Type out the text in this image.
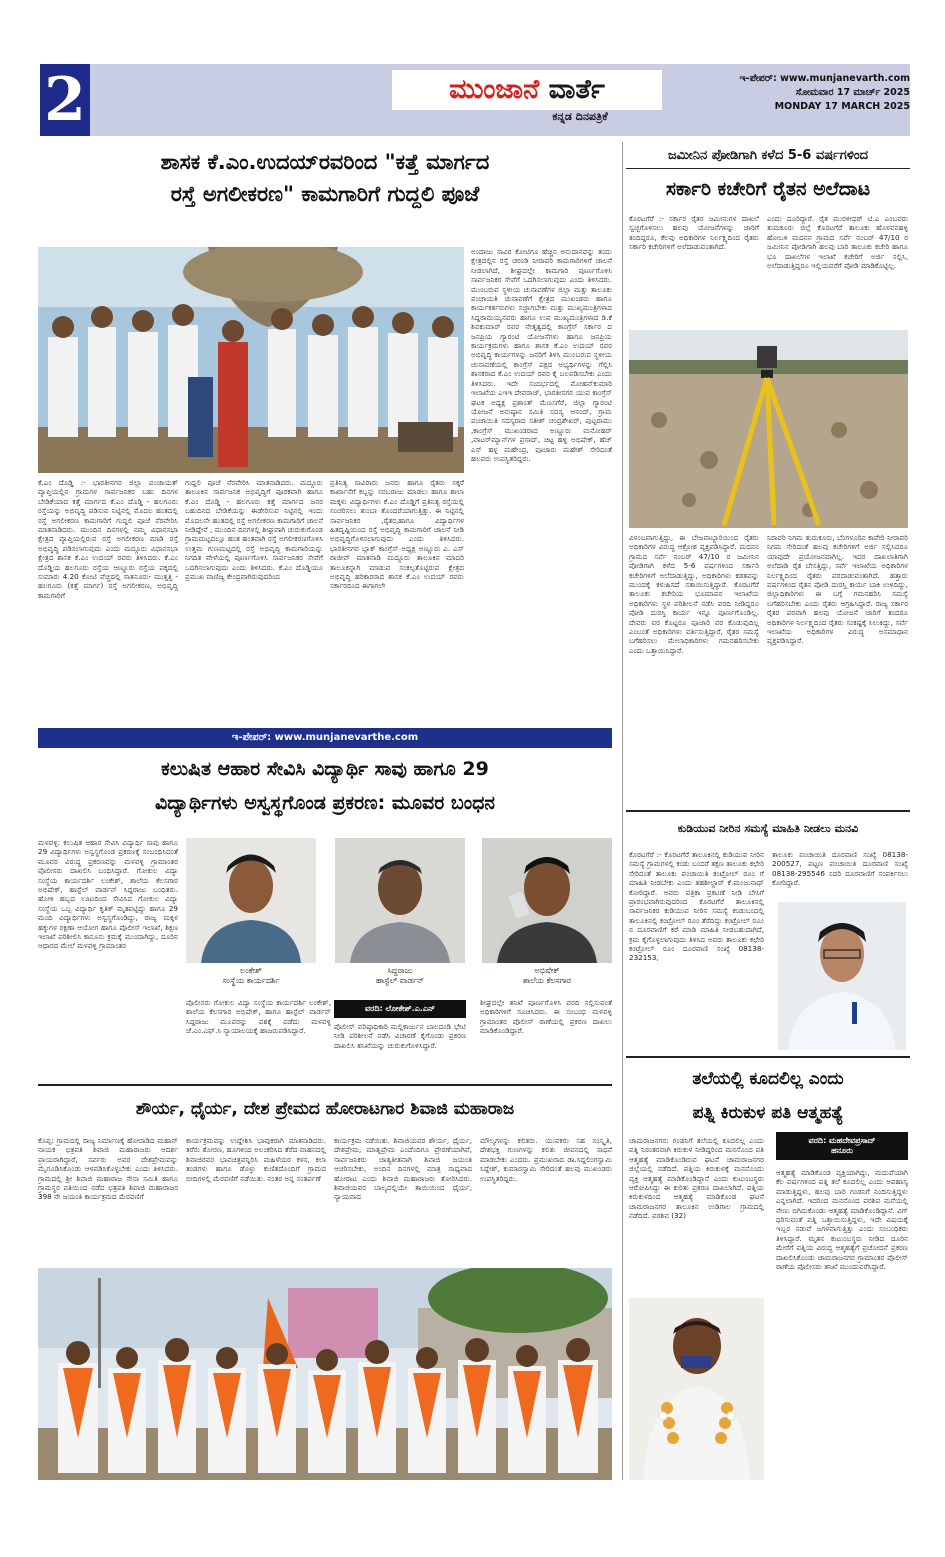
2	ಮುಂಜಾನೆ ವಾರ್ತೆ
ಕನ್ನಡ ದಿನಪತ್ರಿಕೆ
ಇ-ಪೇಪರ್: www.munjanevarth.com
ಸೋಮವಾರ 17 ಮಾರ್ಚ್ 2025
MONDAY 17 MARCH 2025
ಶಾಸಕ ಕೆ.ಎಂ.ಉದಯ್‌ರವರಿಂದ "ಕತ್ತೆ ಮಾರ್ಗದ
ರಸ್ತೆ ಅಗಲೀಕರಣ" ಕಾಮಗಾರಿಗೆ ಗುದ್ದಲಿ ಪೂಜೆ
ಕೆ.ಎಂ ದೊಡ್ಡಿ :- ಭಾರತೀನಗರ ಜಿಲ್ಲಾ ಪಂಚಾಯತ್ ವ್ಯಾಪ್ತಿಯಲ್ಲಿನ ಗ್ರಾಮಗಳ ಸಾರ್ವಜನಿಕರ ಬಹು ದಿನಗಳ ಬೇಡಿಕೆಯಾದ ಕತ್ತೆ ಮಾರ್ಗದ ಕೆ.ಎಂ ದೊಡ್ಡಿ - ಹಲಗೂರು ರಸ್ತೆಯನ್ನು ಅಭಿವೃದ್ಧಿ ಪಡಿಸುವ ನಿಟ್ಟಿನಲ್ಲಿ ಮೊದಲ ಹಂತದಲ್ಲಿ ರಸ್ತೆ ಅಗಲೀಕರಣ ಕಾಮಗಾರಿಗೆ ಗುದ್ದಲಿ ಪೂಜೆ ನೆರವೇರಿಸಿ ಮಾತನಾಡಿದರು. ಮುಂದಿನ ದಿನಗಳಲ್ಲಿ ನಮ್ಮ ವಿಧಾನಸಭಾ ಕ್ಷೇತ್ರದ ವ್ಯಾಪ್ತಿಯಲ್ಲಿರುವ ರಸ್ತೆ ಅಗಲೀಕರಣ ಮಾಡಿ ರಸ್ತೆ ಅಭಿವೃದ್ಧಿ ಪಡಿಸಲಾಗುವುದು ಎಂದು ಮದ್ದೂರು ವಿಧಾನಸಭಾ ಕ್ಷೇತ್ರದ ಶಾಸಕ ಕೆ.ಎಂ ಉದಯ್ ರವರು ತಿಳಿಸಿದರು. ಕೆ.ಎಂ ದೊಡ್ಡಿಯ ಹಲಗೂರು ರಸ್ತೆಯ ಆಣ್ಣೂರು ರಸ್ತೆಯ ಪಕ್ಕದಲ್ಲಿ ಸುಮಾರು 4.20 ಕೋಟಿ ವೆಚ್ಚದಲ್ಲಿ ಸಾತನೂರು- ಮುತ್ತತ್ತಿ - ಹಲಗೂರು (ಕತ್ತೆ ಮಾರ್ಗ) ರಸ್ತೆ ಅಗಲೀಕರಣ, ಅಭಿವೃದ್ಧಿ ಕಾಮಗಾರಿಗೆ
ಗುದ್ದಲಿ ಪೂಜೆ ನೆರವೇರಿಸಿ ಮಾತನಾಡಿದರು. ಮದ್ದೂರು ತಾಲೂಕಿನ ಸಾರ್ವಜನಿಕ ಅಭಿವೃದ್ಧಿಗೆ ಪೂರಕವಾಗಿ ಹಾಗೂ ಕೆ.ಎಂ ದೊಡ್ಡಿ - ಹಲಗೂರು ಕತ್ತೆ ಮಾರ್ಗದ ಜನರ ಬಹುದಿನದ ಬೇಡಿಕೆಯನ್ನು ಈಡೇರಿಸುವ ನಿಟ್ಟಿನಲ್ಲಿ ಇಂದು ಮೊದಲನೇ ಹಂತದಲ್ಲಿ ರಸ್ತೆ ಅಗಲೀಕರಣ ಕಾಮಗಾರಿಗೆ ಚಾಲನೆ ನೀಡಿದ್ದೇನೆ , ಮುಂದಿನ ದಿನಗಳಲ್ಲಿ ಶೀಘ್ರವಾಗಿ ಚುರುಕುಗೊಂಡ ಗ್ರಾಮಮಟ್ಟದಲ್ಲೂ ಹಂತ ಹಂತವಾಗಿ ರಸ್ತೆ ಅಗಲೀಕರಣಗೊಳಿಸಿ ಉತ್ತಮ ಗುಣಮಟ್ಟದಲ್ಲಿ ರಸ್ತೆ ಅಭಿವೃದ್ಧಿ ಕಾಮಗಾರಿಯನ್ನು ನಿಗದಿತ ವೇಳೆಯಲ್ಲಿ ಪೂರ್ಣಗೊಳಿಸಿ ಸಾರ್ವಜನಿಕರ ಸೇವೆಗೆ ಒದಗಿಸಲಾಗುವುದು ಎಂದು ತಿಳಿಸಿದರು. ಕೆ.ಎಂ ದೊಡ್ಡಿಯೂ ಪ್ರಮುಖ ವಾಣಿಜ್ಯ ಕೇಂದ್ರವಾಗಿರುವುದರಿಂದ
ಪ್ರತಿನಿತ್ಯ ಸಾವಿರಾರು ಜನರು ಹಾಗೂ ರೈತರು ಸಕ್ಕರೆ ಕಾರ್ಖಾನೆಗೆ ಕಬ್ಬನ್ನು ಸರಬರಾಜು ಮಾಡಲು ಹಾಗೂ ಶಾಲಾ ಮಕ್ಕಳು ವಿದ್ಯಾರ್ಥಿಗಳು ಕೆ.ಎಂ ದೊಡ್ಡಿಗೆ ಪ್ರತಿನಿತ್ಯ ರಸ್ತೆಯಲ್ಲಿ ಸಂಚರಿಸಲು ತುಂಬಾ ತೊಂದರೆಯಾಗುತ್ತಿತ್ತು. ಈ ನಿಟ್ಟಿನಲ್ಲಿ ಸಾರ್ವಜನಿಕರ ,ರೈತರ,ಹಾಗೂ ವಿದ್ಯಾರ್ಥಿಗಳ ಹಿತದೃಷ್ಟಿಯಿಂದ ರಸ್ತೆ ಅಭಿವೃದ್ಧಿ ಕಾಮಗಾರಿಗೆ ಚಾಲನೆ ನೀಡಿ ಅಭಿವೃದ್ಧಿಗೊಳಿಸಲಾಗುವುದು ಎಂದು ತಿಳಿಸಿದರು. ಭಾರತೀನಗರ ಬ್ಲಾಕ್ ಕಾಂಗ್ರೆಸ್ ಅಧ್ಯಕ್ಷ ಅಣ್ಣೂರು ಎ. ಎಸ್ ರಾಜೀವ್ ಮಾತನಾಡಿ ಮದ್ದೂರು ತಾಲೂಕಿನ ಮಾದರಿ ತಾಲೂಕನ್ನಾಗಿ ಮಾಡುವ ಸಂಕಲ್ಪತೊಟ್ಟಿರುವ ಕ್ಷೇತ್ರದ ಅಭಿವೃದ್ಧಿ ಹರಿಕಾರರಾದ ಶಾಸಕ ಕೆ.ಎಂ ಉದಯ್ ರವರು ಸರ್ಕಾರದಿಂದ ಈಗಾಗಲೇ
ಅಂದಾಜು ಸಾವಿರ ಕೋಟಿಗೂ ಹೆಚ್ಚಿನ ಅನುದಾನವನ್ನು ತಂದು ಕ್ಷೇತ್ರದಲ್ಲಿನ ರಸ್ತೆ ಚರಂಡಿ ನೀರಾವರಿ ಕಾಮಗಾರಿಗಳಿಗೆ ಚಾಲನೆ ನೀಡಲಾಗಿದೆ, ಶೀಘ್ರದಲ್ಲೇ ಕಾಮಗಾರಿ ಪೂರ್ಣಗೊಳಿಸಿ ಸಾರ್ವಜನಿಕರ ಸೇವೆಗೆ ಒದಗಿಸಲಾಗುವುದು ಎಂದು ತಿಳಿಸಿದರು. ಮುಂಬರುವ ಸ್ಥಳೀಯ ಚುನಾವಣೆಗಳ ಜಿಲ್ಲಾ ಮತ್ತು ತಾಲೂಕು ಪಂಚಾಯತಿ ಚುನಾವಣೆಗೆ ಕ್ಷೇತ್ರದ ಮುಖಂಡರು ಹಾಗೂ ಕಾರ್ಯಕರ್ತರುಗಳು ಸಜ್ಜಾಗಬೇಕು ಮತ್ತು ಮುಖ್ಯಮಂತ್ರಿಗಳಾದ ಸಿದ್ದರಾಮಯ್ಯನವರು ಹಾಗೂ ಉಪ ಮುಖ್ಯಮಂತ್ರಿಗಳಾದ ಡಿ.ಕೆ ಶಿವಕುಮಾರ್ ರವರ ನೇತೃತ್ವದಲ್ಲಿ ಕಾಂಗ್ರೆಸ್ ಸರ್ಕಾರ ದ ಜನಪ್ರಿಯ ಗ್ಯಾರಂಟಿ ಯೋಜನೆಗಳು ಹಾಗೂ ಜನಪ್ರಿಯ ಕಾರ್ಯಕ್ರಮಗಳು ಹಾಗೂ ಶಾಸಕ ಕೆ.ಎಂ ಉದಯ್ ರವರ ಅಭಿವೃದ್ಧಿ ಕಾರ್ಯಗಳನ್ನು ಜನರಿಗೆ ತಿಳಿಸಿ ಮುಂಬರುವ ಸ್ಥಳೀಯ ಚುನಾವಣೆಯಲ್ಲಿ ಕಾಂಗ್ರೆಸ್ ಪಕ್ಷದ ಅಭ್ಯರ್ಥಿಗಳನ್ನು ಗೆಲ್ಲಿಸಿ ಶಾಸಕರಾದ ಕೆ.ಎಂ ಉದಯ್ ರವರ ಕೈ ಬಲಪಡಿಸಬೇಕು ಎಂದು ತಿಳಿಸಿದರು. ಇದೇ ಸಂದರ್ಭದಲ್ಲಿ ಮೋಹನ್‌ಕುಮಾರಿ ಇಲಾಖೆಯ ಎಇಇ ದೇವರಾಜ್, ಭಾರತೀನಗರ ಯುವ ಕಾಂಗ್ರೆಸ್ ಘಟಕ ಅಧ್ಯಕ್ಷ ಪ್ರಶಾಂತ್ ಮೆಣಸಗೆರೆ, ಜಿಲ್ಲಾ ಗ್ಯಾರಂಟಿ ಯೋಜನೆ ಅನುಷ್ಠಾನ ಸಮಿತಿ ಸದಸ್ಯ ಆನಂದ್, ಗ್ರಾಮ ಪಂಚಾಯಿತಿ ಸದಸ್ಯರಾದ ಸತೀಶ್ ಚಂದ್ರಶೇಖರ್, ಪುಟ್ಟರಾಮು ,ಕಾಂಗ್ರೆಸ್ ಮುಖಂಡರಾದ ಅಣ್ಣೂರು ಮನೋಹರ್ ,ವಾಟರ್‌ಮ್ಯಾನ್‌ಗಳ ಪ್ರಸಾದ್, ಚಿಟ್ಟ ಹಳ್ಳಿ ಅಭಿಷೇಕ್, ಹೆಚ್ ಎಸ್ ಹಳ್ಳ ಮಹೇಂದ್ರ, ಪೂಜಾರು ಮಹೇಶ್ ಸೇರಿದಂತೆ ಹಲವರು ಉಪಸ್ಥಿತರಿದ್ದರು.
ಇ-ಪೇಪರ್: www.munjanevarthe.com
ಕಲುಷಿತ ಆಹಾರ ಸೇವಿಸಿ ವಿದ್ಯಾರ್ಥಿ ಸಾವು ಹಾಗೂ 29
ವಿದ್ಯಾರ್ಥಿಗಳು ಅಸ್ವಸ್ಥಗೊಂಡ ಪ್ರಕರಣ: ಮೂವರ ಬಂಧನ
ಮಳವಳ್ಳಿ: ಕಲುಷಿತ ಆಹಾರ ಸೇವಿಸಿ ವಿದ್ಯಾರ್ಥಿ ಸಾವು ಹಾಗೂ 29 ವಿದ್ಯಾರ್ಥಿಗಳು ಅಸ್ವಸ್ಥಗೊಂಡ ಪ್ರಕರಣಕ್ಕೆ ಸಂಬಂಧಿಸಿದಂತೆ ಮೂವರ ವಿರುದ್ಧ ಪ್ರಕರಣವನ್ನು ಮಳವಳ್ಳಿ ಗ್ರಾಮಾಂತರ ಪೊಲೀಸರು ದಾಖಲಿಸಿ ಬಂಧಿಸಿದ್ದಾರೆ. ಗೋಕುಲ ವಿದ್ಯಾ ಸಂಸ್ಥೆಯ ಕಾರ್ಯದರ್ಶಿ ಲಂಕೇಶ್, ಶಾಲೆಯ ಕೆಲಸಗಾರ ಅಭಿಷೇಕ್, ಹಾಸ್ಟೆಲ್ ವಾರ್ಡನ್ ಸಿದ್ದರಾಜು ಬಂಧಿತರು. ಹೋಳಿ ಹಬ್ಬದ ಊಟದಿಂದ ಸೇವಿಸಿದ ಗೋಕುಲ ವಿದ್ಯಾ ಸಂಸ್ಥೆಯ ಒಬ್ಬ ವಿದ್ಯಾರ್ಥಿ ಕೃತಿಕ್ ಮೃತಪಟ್ಟಿದ್ದು ಹಾಗೂ 29 ಮಂದಿ ವಿದ್ಯಾರ್ಥಿಗಳು ಅಸ್ವಸ್ಥಗೊಂಡಿದ್ದು, ರಾಜ್ಯ ಮಕ್ಕಳ ಹಕ್ಕುಗಳ ರಕ್ಷಣಾ ಆಯೋಗ ಹಾಗೂ ಪೊಲೀಸ್ ಇಲಾಖೆ, ಶಿಕ್ಷಣ ಇಲಾಖೆ ಪರಿಶೀಲಿಸಿ ಕಾನೂನು ಕ್ರಮಕ್ಕೆ ಮುಂದಾಗಿದ್ದು, ದೂರಿನ ಆಧಾರದ ಮೇಲೆ ಮಳವಳ್ಳಿ ಗ್ರಾಮಾಂತರ
ಲಂಕೇಶ್
ಸಂಸ್ಥೆಯ ಕಾರ್ಯದರ್ಶಿ
ಸಿದ್ದರಾಜು
ಹಾಸ್ಟೆಲ್ ವಾರ್ಡನ್
ಅಭಿಷೇಕ್
ಶಾಲೆಯ ಕೆಲಸಗಾರ
ಪೊಲೀಸರು ಗೋಕುಲ ವಿದ್ಯಾ ಸಂಸ್ಥೆಯ ಕಾರ್ಯದರ್ಶಿ ಲಂಕೇಶ್, ಶಾಲೆಯ ಕೆಲಸಗಾರ ಅಭಿಷೇಕ್, ಹಾಗೂ ಹಾಸ್ಟೆಲ್ ವಾರ್ಡನ್ ಸಿದ್ದರಾಜು ಮೂವರನ್ನು ವಶಕ್ಕೆ ಪಡೆದು ಮಳವಳ್ಳಿ ಜೆ.ಎಂ.ಎಫ್.ಸಿ ನ್ಯಾಯಾಲಯಕ್ಕೆ ಹಾಜರುಪಡಿಸಿದ್ದಾರೆ.
ವರದಿ: ಲೋಕೇಶ್.ಎ.ಎನ್
ಪೊಲೀಸ್ ವರಿಷ್ಠಾಧಿಕಾರಿ ಮಲ್ಲಿಕಾರ್ಜುನ ಬಾಲದಂಡಿ ಭೇಟಿ ನೀಡಿ ಪರಿಶೀಲನೆ ನಡೆಸಿ ವಿಚಾರಣೆ ಕೈಗೊಂಡು ಪ್ರಕರಣ ದಾಖಲಿಸಿ ತನಿಖೆಯನ್ನು ಚುರುಕುಗೊಳಿಸಿದ್ದಾರೆ.
ಶೀಘ್ರದಲ್ಲೇ ತನಿಖೆ ಪೂರ್ಣಗೊಳಿಸಿ ವರದಿ ಸಲ್ಲಿಸುವಂತೆ ಅಧಿಕಾರಿಗಳಿಗೆ ಸೂಚಿಸಿದರು. ಈ ಸಂಬಂಧ ಮಳವಳ್ಳಿ ಗ್ರಾಮಾಂತರ ಪೊಲೀಸ್ ಠಾಣೆಯಲ್ಲಿ ಪ್ರಕರಣ ದಾಖಲು ಮಾಡಿಕೊಂಡಿದ್ದಾರೆ.
ಶೌರ್ಯ, ಧೈರ್ಯ, ದೇಶ ಪ್ರೇಮದ ಹೋರಾಟಗಾರ ಶಿವಾಜಿ ಮಹಾರಾಜ
ಕೊಪ್ಪ: ಗ್ರಾಮದಲ್ಲಿ ರಾಜ್ಯ ನಿರ್ಮಾಣಕ್ಕೆ ಹೋರಾಡಿದ ಮಹಾನ್ ನಾಯಕ ಛತ್ರಪತಿ ಶಿವಾಜಿ ಮಹಾರಾಜರು ಆದರ್ಶ ಪ್ರಾಯರಾಗಿದ್ದಾರೆ, ಸರ್ವರು ಅವರ ದೇಶಪ್ರೇಮವನ್ನು ಮೈಗೂಡಿಸಿಕೊಂಡು ಆಳವಡಿಸಿಕೊಳ್ಳಬೇಕು ಎಂದು ತಿಳಿಸಿದರು. ಗ್ರಾಮದಲ್ಲಿ ಶ್ರೀ ಶಿವಾಜಿ ಮಹಾರಾಜ ಸೇನಾ ಸಮಿತಿ ಹಾಗೂ ಗ್ರಾಮಸ್ಥರ ವತಿಯಿಂದ ನಡೆದ ಛತ್ರಪತಿ ಶಿವಾಜಿ ಮಹಾರಾಜರ 398 ನೇ ಜಯಂತಿ ಕಾರ್ಯಕ್ರಮದ ಮೆರವಣಿಗೆ
ಕಾರ್ಯಕ್ರಮವನ್ನು ಉದ್ದೇಶಿಸಿ ಭಾವುಕರಾಗಿ ಮಾತನಾಡಿದರು. ತರೆರು ತೋರಣ, ಹೂಗಳಿಂದ ಅಲಂಕರಿಸಿದ ತೆರೆದ ವಾಹನದಲ್ಲಿ ಶಿವಾಜಿರವರ ಭಾವಚಿತ್ರವನ್ನಿರಿಸಿ ಮಹಿಳೆಯರ ಕಳಸ, ಕಲಾ ತಂಡಗಳು ಹಾಗೂ ಡೊಳ್ಳು ಕುಣಿತದೊಂದಿಗೆ ಗ್ರಾಮದ ಬೀದಿಗಳಲ್ಲಿ ಮೆರವಣಿಗೆ ನಡೆಯಿತು. ನಂತರ ಅನ್ನ ಸಂತರ್ಪಣೆ
ಕಾರ್ಯಕ್ರಮ ನಡೆಯಿತು. ಶಿವಾಜಿಯವರ ಶೌರ್ಯ, ಧೈರ್ಯ, ದೇಶಪ್ರೇಮ, ಮಾತೃಪ್ರೇಮ ಎಂದೆಂದಿಗೂ ಪ್ರೇರಣೆಯಾಗಿವೆ, ಸಾರ್ವಜನಿಕರು ಜಾತ್ಯತೀತವಾಗಿ ಶಿವಾಜಿ ಜಯಂತಿ ಆಚರಿಸಬೇಕು, ಅಂದಿನ ದಿನಗಳಲ್ಲಿ ಮಾತ್ರ ಸಾಧ್ಯವಾದ ಹೋರಾಟ ಎಂದು ಶಿವಾಜಿ ಮಹಾರಾಜರು ತೋರಿಸಿದರು. ಶಿವಾಜಿಯವರ ಬಾಲ್ಯದಲ್ಲಿಯೇ ತಾಯಿಯಿಂದ ಧೈರ್ಯ, ನ್ಯಾಯವಾದ
ಮೌಲ್ಯಗಳನ್ನು ಕಲಿತರು. ಯುವಕರು ಸಹ ಸಂಸ್ಕೃತಿ, ದೇಶಭಕ್ತಿ ಗುಣಗಳನ್ನು ಕಲಿತು ಜೀವನದಲ್ಲಿ ಸಾಧನೆ ಮಾಡಬೇಕು ಎಂದರು. ಪ್ರಮುಖರಾದ ಡಾ.ಸಿದ್ದಲಿಂಗಸ್ವಾಮಿ ಸಿದ್ದೇಶ್, ಕುಮಾರಸ್ವಾಮಿ ಸೇರಿದಂತೆ ಹಲವು ಮುಖಂಡರು ಉಪಸ್ಥಿತರಿದ್ದರು.
ಜಮೀನಿನ ಪೋಡಿಗಾಗಿ ಕಳೆದ 5-6 ವರ್ಷಗಳಿಂದ
ಸರ್ಕಾರಿ ಕಚೇರಿಗೆ ರೈತನ ಅಲೆದಾಟ
ಕೊರಟಗೆರೆ :- ಸರ್ಕಾರ ರೈತರ ಜಮೀನುಗಳ ದಾಖಲೆ ಸ್ವಚ್ಛಗೊಳಿಸಲು ಹಲವು ಯೋಜನೆಗಳನ್ನು ಜಾರಿಗೆ ತಂದಿದ್ದರೂ, ಕೆಲವು ಅಧಿಕಾರಿಗಳ ನಿರ್ಲಕ್ಷ್ಯದಿಂದ ರೈತರು ಸರ್ಕಾರಿ ಕಚೇರಿಗಳಿಗೆ ಅಲೆದಾಡುವಂತಾಗಿದೆ.
ಎಂದು ದೂರಿದ್ದಾರೆ. ರೈತ ಮುರಳೀಧರ್ ಟಿ.ಎ ಎಂಬವರು ತುಮಕೂರು ಜಿಲ್ಲೆ ಕೊರಟಗೆರೆ ತಾಲೂಕು ಹೊಳವನಹಳ್ಳಿ ಹೋಬಳಿ ಮದನನ ಗ್ರಾಮದ ಸರ್ವೆ ನಂಬರ್ 47/10 ರ ಜಮೀನಿನ ಪೋಡಿಗಾಗಿ ಹಲವು ಬಾರಿ ತಾಲೂಕು ಕಚೇರಿ ಹಾಗೂ ಭೂ ದಾಖಲೆಗಳ ಇಲಾಖೆ ಕಚೇರಿಗೆ ಅರ್ಜಿ ಸಲ್ಲಿಸಿ, ಅಲೆದಾಡುತ್ತಿದ್ದರೂ ಇಲ್ಲಿಯವರೆಗೆ ಪೋಡಿ ಮಾಡಿಕೊಟ್ಟಿಲ್ಲ.
ವಿಳಂಬವಾಗುತ್ತಿದ್ದು, ಈ ಬೇಜವಾಬ್ದಾರಿಯಿಂದ ರೈತರು ಅಧಿಕಾರಿಗಳ ವಿರುದ್ಧ ಆಕ್ರೋಶ ವ್ಯಕ್ತಪಡಿಸಿದ್ದಾರೆ. ಮದನನ ಗ್ರಾಮದ ಸರ್ವೆ ನಂಬರ್ 47/10 ರ ಜಮೀನಿನ ಪೋಡಿಗಾಗಿ ಕಳೆದ 5-6 ವರ್ಷಗಳಿಂದ ಸರ್ಕಾರಿ ಕಚೇರಿಗಳಿಗೆ ಅಲೆದಾಡುತ್ತಿದ್ದು, ಅಧಿಕಾರಿಗಳು ಕಡತವನ್ನು ಮುಂದಕ್ಕೆ ಕಳುಹಿಸದೆ ಸತಾಯಿಸುತ್ತಿದ್ದಾರೆ. ಕೊರಟಗೆರೆ ತಾಲೂಕು ಕಚೇರಿಯ ಭೂಮಾಪನ ಇಲಾಖೆಯ ಅಧಿಕಾರಿಗಳು ಸ್ಥಳ ಪರಿಶೀಲನೆ ನಡೆಸಿ ವರದಿ ನೀಡಿದ್ದರೂ ಪೋಡಿ ದುರಸ್ತಿ ಕಾರ್ಯ ಇನ್ನೂ ಪೂರ್ಣಗೊಂಡಿಲ್ಲ. ದೇವರು ವರ ಕೊಟ್ಟರೂ ಪೂಜಾರಿ ವರ ಕೊಡುವುದಿಲ್ಲ ಎಂಬಂತೆ ಅಧಿಕಾರಿಗಳು ವರ್ತಿಸುತ್ತಿದ್ದಾರೆ, ರೈತರ ಸಮಸ್ಯೆ ಬಗೆಹರಿಸಲು ಮೇಲಾಧಿಕಾರಿಗಳು ಗಮನಹರಿಸಬೇಕು ಎಂದು ಒತ್ತಾಯಿಸಿದ್ದಾರೆ.
ನಿರಾವರಿ ನಿಗಮ ತುಮಕೂರು, ಬೆಂಗಳೂರಿನ ಕಾವೇರಿ ನೀರಾವರಿ ನಿಗಮ ಸೇರಿದಂತೆ ಹಲವು ಕಚೇರಿಗಳಿಗೆ ಅರ್ಜಿ ಸಲ್ಲಿಸಿದರೂ ಯಾವುದೇ ಪ್ರಯೋಜನವಾಗಿಲ್ಲ. ಇದರ ದಾಖಲಾತಿಗಾಗಿ ಅಲೆದಾಡಿ ರೈತ ಬೇಸತ್ತಿದ್ದು, ಸರ್ವೆ ಇಲಾಖೆಯ ಅಧಿಕಾರಿಗಳ ನಿರ್ಲಕ್ಷ್ಯದಿಂದ ರೈತರು ಪರದಾಡುವಂತಾಗಿದೆ. ಹತ್ತಾರು ವರ್ಷಗಳಿಂದ ರೈತನ ಪೋಡಿ ದುರಸ್ತಿ ಕಾರ್ಯ ಬಾಕಿ ಉಳಿದಿದ್ದು, ಜಿಲ್ಲಾಧಿಕಾರಿಗಳು ಈ ಬಗ್ಗೆ ಗಮನಹರಿಸಿ ಸಮಸ್ಯೆ ಬಗೆಹರಿಸಬೇಕು ಎಂದು ರೈತರು ಆಗ್ರಹಿಸಿದ್ದಾರೆ. ರಾಜ್ಯ ಸರ್ಕಾರ ರೈತರ ಪರವಾಗಿ ಹಲವು ಯೋಜನೆ ಜಾರಿಗೆ ತಂದರೂ ಅಧಿಕಾರಿಗಳ ನಿರ್ಲಕ್ಷ್ಯದಿಂದ ರೈತರು ಸಂಕಷ್ಟಕ್ಕೆ ಸಿಲುಕಿದ್ದು, ಸರ್ವೆ ಇಲಾಖೆಯ ಅಧಿಕಾರಿಗಳ ವಿರುದ್ಧ ಅಸಮಾಧಾನ ವ್ಯಕ್ತಪಡಿಸಿದ್ದಾರೆ.
ಕುಡಿಯುವ ನೀರಿನ ಸಮಸ್ಯೆ ಮಾಹಿತಿ ನೀಡಲು ಮನವಿ
ಕೊರಟಗೆರೆ :- ಕೊರಟಗೆರೆ ತಾಲೂಕಿನಲ್ಲಿ ಕುಡಿಯುವ ನೀರಿನ ಸಮಸ್ಯೆ ಗ್ರಾಮಗಳಲ್ಲಿ ಕಂಡು ಬಂದರೆ ತಕ್ಷಣ ತಾಲೂಕು ಕಛೇರಿ ಸೇರಿದಂತೆ ತಾಲೂಕು ಪಂಚಾಯಿತಿ ಕಂಟ್ರೋಲ್ ರೂಂ ಗೆ ಮಾಹಿತಿ ನೀಡಬೇಕು ಎಂದು ತಹಶೀಲ್ದಾರ್ ಕೆ.ಮಂಜುನಾಥ್ ಕೋರಿದ್ದಾರೆ. ಅವರು ಪತ್ರಿಕಾ ಪ್ರಕಟಣೆ ನೀಡಿ ಬೇಸಿಗೆ ಪ್ರಾರಂಭವಾಗಿರುವುದರಿಂದ ಕೊರಟಗೆರೆ ತಾಲೂಕಿನಲ್ಲಿ ಸಾರ್ವಜನಿಕರ ಕುಡಿಯುವ ನೀರಿನ ಸಮಸ್ಯೆ ಕಂಡುಬಂದಲ್ಲಿ ತಾಲೂಕಿನಲ್ಲಿ ಕಂಟ್ರೋಲ್ ರೂಂ ತೆರೆದಿದ್ದು ಕಂಟ್ರೋಲ್ ರೂಂ ನ ದೂರವಾಣಿಗೆ ಕರೆ ಮಾಡಿ ಮಾಹಿತಿ ನೀಡಬಹುದಾಗಿದೆ, ಕ್ರಮ ಕೈಗೊಳ್ಳಲಾಗುವುದು ತಿಳಿಸಿದ ಅವರು ತಾಲೂಕು ಕಛೇರಿ ಕಂಟ್ರೋಲ್ ರೂಂ ದೂರವಾಣಿ ಸಂಖ್ಯೆ 08138-232153,
ತಾಲೂಕು ಪಂಚಾಯಿತಿ ದೂರವಾಣಿ ಸಂಖ್ಯೆ 08138-200527, ಪಟ್ಟಣ ಪಂಚಾಯಿತಿ ದೂರವಾಣಿ ಸಂಖ್ಯೆ 08138-295546 ಸದರಿ ದೂರವಾಣಿಗೆ ಸಂಪರ್ಕಿಸಲು ಕೋರಿದ್ದಾರೆ.
ತಲೆಯಲ್ಲಿ ಕೂದಲಿಲ್ಲ ಎಂದು
ಪತ್ನಿ ಕಿರುಕುಳ ಪತಿ ಆತ್ಮಹತ್ಯೆ
ಚಾಮರಾಜನಗರ: ಗಂಡನಿಗೆ ತಲೆಯಲ್ಲಿ ಕೂದಲಿಲ್ಲ ಎಂದು ಪತ್ನಿ ನಿರಂತರವಾಗಿ ಕಿರುಕುಳ ನೀಡಿದ್ದರಿಂದ ಮನನೊಂದ ಪತಿ ಆತ್ಮಹತ್ಯೆ ಮಾಡಿಕೊಂಡಿರುವ ಘಟನೆ ಚಾಮರಾಜನಗರ ಜಿಲ್ಲೆಯಲ್ಲಿ ನಡೆದಿದೆ. ಪತ್ನಿಯ ಕಿರುಕುಳಕ್ಕೆ ಮನನೊಂದು ವ್ಯಕ್ತಿ ಆತ್ಮಹತ್ಯೆ ಮಾಡಿಕೊಂಡಿದ್ದಾನೆ ಎಂದು ಕುಟುಂಬಸ್ಥರು ಆರೋಪಿಸಿದ್ದು ಈ ಕುರಿತು ಪ್ರಕರಣ ದಾಖಲಾಗಿದೆ. ಪತ್ನಿಯ ಕಿರುಕುಳದಿಂದ ಆತ್ಮಹತ್ಯೆ ಮಾಡಿಕೊಂಡ ಘಟನೆ ಚಾಮರಾಜನಗರ ತಾಲೂಕಿನ ಉಡಿಗಾಲ ಗ್ರಾಮದಲ್ಲಿ ನಡೆದಿದೆ. ಪರಶಿವ (32)
ವರದಿ: ಮಹದೇವಪ್ರಸಾದ್
ಹನೂರು
ಆತ್ಮಹತ್ಯೆ ಮಾಡಿಕೊಂಡ ವ್ಯಕ್ತಿಯಾಗಿದ್ದು, ಮದುವೆಯಾಗಿ ಕೆಲ ವರ್ಷಗಳಿಂದ ಪತ್ನಿ ತಲೆ ಕೂದಲಿಲ್ಲ ಎಂದು ಅಪಹಾಸ್ಯ ಮಾಡುತ್ತಿದ್ದಳು, ಹಲವು ಬಾರಿ ಗಂಡನಿಗೆ ನಿಂದಿಸುತ್ತಿದ್ದಳು ಎನ್ನಲಾಗಿದೆ. ಇದರಿಂದ ಮನನೊಂದ ಪರಶಿವ ಮನೆಯಲ್ಲಿ ನೇಣು ಬಿಗಿದುಕೊಂಡು ಆತ್ಮಹತ್ಯೆ ಮಾಡಿಕೊಂಡಿದ್ದಾನೆ. ವಿಗ್ ಧರಿಸುವಂತೆ ಪತ್ನಿ ಒತ್ತಾಯಿಸುತ್ತಿದ್ದಳು, ಇದೇ ವಿಷಯಕ್ಕೆ ಇಬ್ಬರ ನಡುವೆ ಜಗಳವಾಗುತ್ತಿತ್ತು ಎಂದು ಸಂಬಂಧಿಕರು ತಿಳಿಸಿದ್ದಾರೆ. ಮೃತನ ಕುಟುಂಬಸ್ಥರು ನೀಡಿದ ದೂರಿನ ಮೇರೆಗೆ ಪತ್ನಿಯ ವಿರುದ್ಧ ಆತ್ಮಹತ್ಯೆಗೆ ಪ್ರಚೋದನೆ ಪ್ರಕರಣ ದಾಖಲಿಸಿಕೊಂಡು ಚಾಮರಾಜನಗರ ಗ್ರಾಮಾಂತರ ಪೊಲೀಸ್ ಠಾಣೆಯ ಪೊಲೀಸರು ತನಿಖೆ ಮುಂದುವರೆಸಿದ್ದಾರೆ.
